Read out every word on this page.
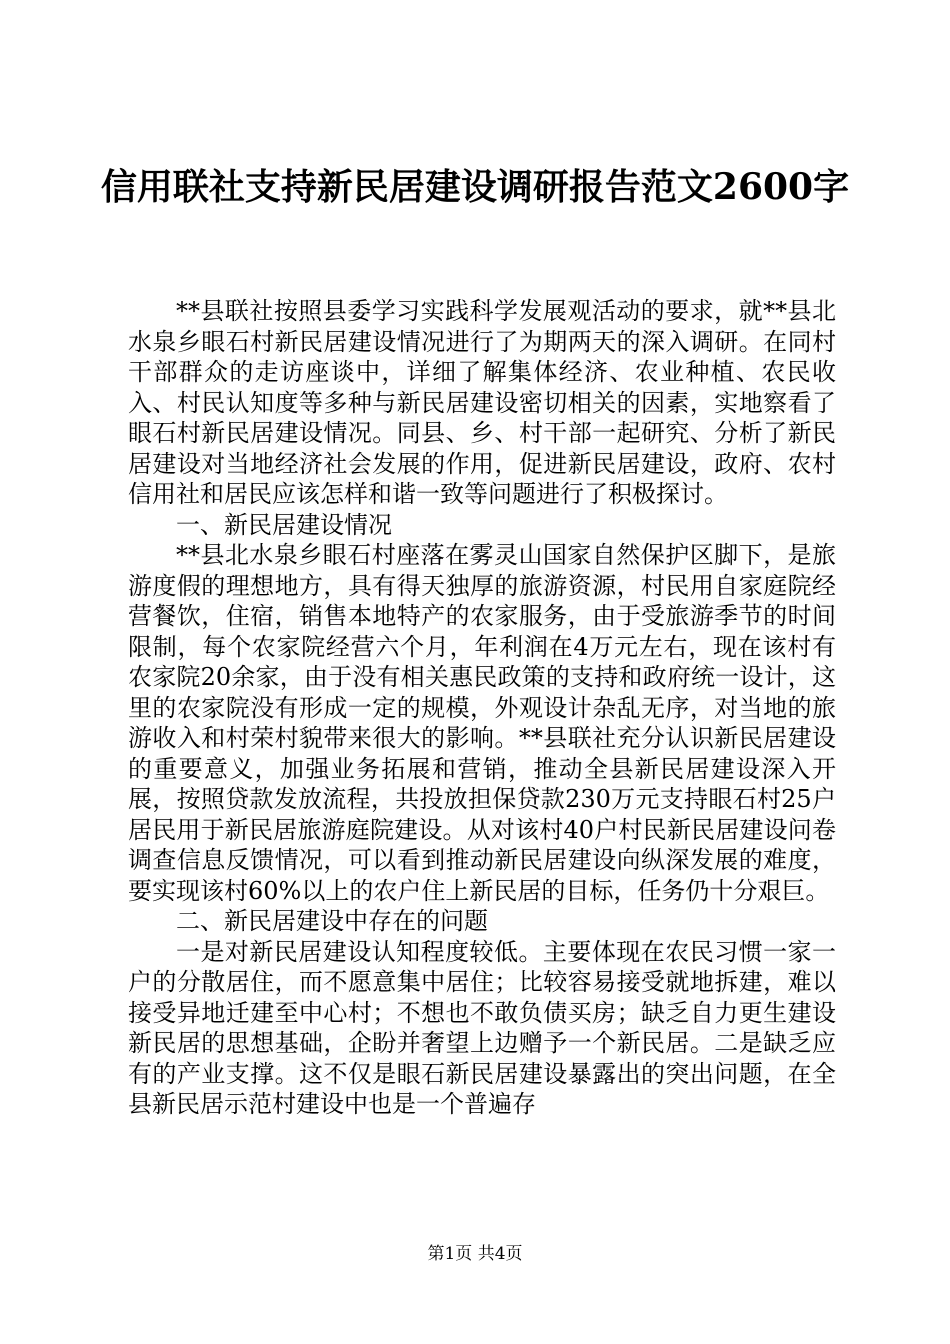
信用联社支持新民居建设调研报告范文2600字

**县联社按照县委学习实践科学发展观活动的要求，就**县北水泉乡眼石村新民居建设情况进行了为期两天的深入调研。在同村干部群众的走访座谈中，详细了解集体经济、农业种植、农民收入、村民认知度等多种与新民居建设密切相关的因素，实地察看了眼石村新民居建设情况。同县、乡、村干部一起研究、分析了新民居建设对当地经济社会发展的作用，促进新民居建设，政府、农村信用社和居民应该怎样和谐一致等问题进行了积极探讨。

一、新民居建设情况

**县北水泉乡眼石村座落在雾灵山国家自然保护区脚下，是旅游度假的理想地方，具有得天独厚的旅游资源，村民用自家庭院经营餐饮，住宿，销售本地特产的农家服务，由于受旅游季节的时间限制，每个农家院经营六个月，年利润在4万元左右，现在该村有农家院20余家，由于没有相关惠民政策的支持和政府统一设计，这里的农家院没有形成一定的规模，外观设计杂乱无序，对当地的旅游收入和村荣村貌带来很大的影响。**县联社充分认识新民居建设的重要意义，加强业务拓展和营销，推动全县新民居建设深入开展，按照贷款发放流程，共投放担保贷款230万元支持眼石村25户居民用于新民居旅游庭院建设。从对该村40户村民新民居建设问卷调查信息反馈情况，可以看到推动新民居建设向纵深发展的难度，要实现该村60%以上的农户住上新民居的目标，任务仍十分艰巨。

二、新民居建设中存在的问题

一是对新民居建设认知程度较低。主要体现在农民习惯一家一户的分散居住，而不愿意集中居住；比较容易接受就地拆建，难以接受异地迁建至中心村；不想也不敢负债买房；缺乏自力更生建设新民居的思想基础，企盼并奢望上边赠予一个新民居。二是缺乏应有的产业支撑。这不仅是眼石新民居建设暴露出的突出问题，在全县新民居示范村建设中也是一个普遍存

第1页 共4页
